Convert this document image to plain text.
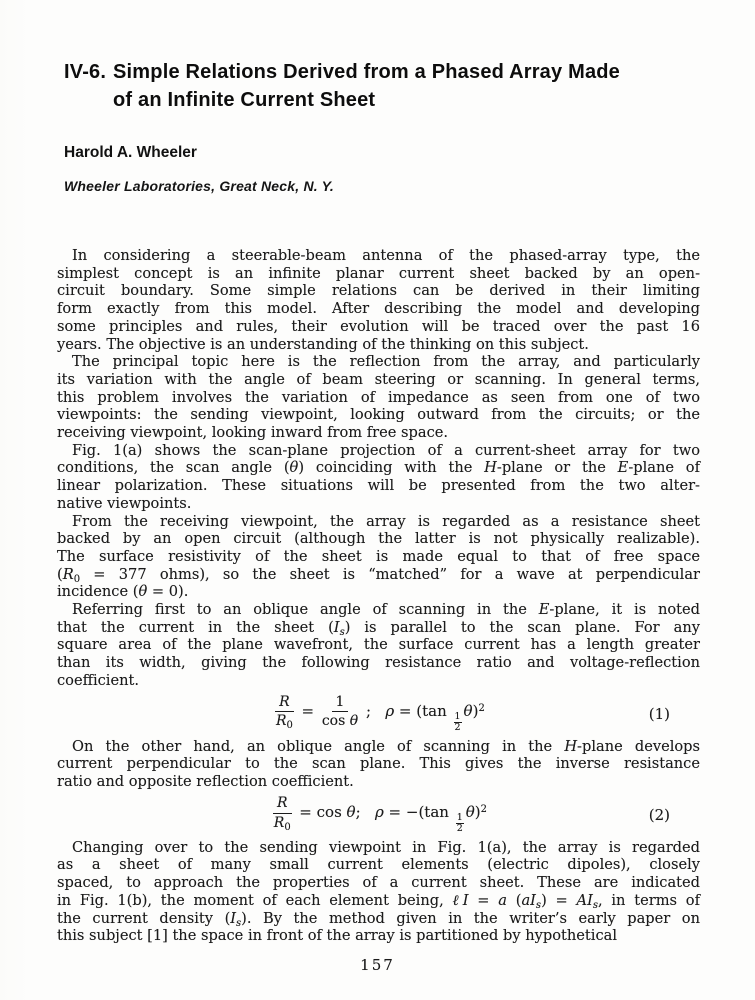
IV-6. Simple Relations Derived from a Phased Array Made
of an Infinite Current Sheet
Harold A. Wheeler
Wheeler Laboratories, Great Neck, N. Y.
In considering a steerable-beam antenna of the phased-array type, the
simplest concept is an infinite planar current sheet backed by an open-
circuit boundary. Some simple relations can be derived in their limiting
form exactly from this model. After describing the model and developing
some principles and rules, their evolution will be traced over the past 16
years. The objective is an understanding of the thinking on this subject.
The principal topic here is the reflection from the array, and particularly
its variation with the angle of beam steering or scanning. In general terms,
this problem involves the variation of impedance as seen from one of two
viewpoints: the sending viewpoint, looking outward from the circuits; or the
receiving viewpoint, looking inward from free space.
Fig. 1(a) shows the scan-plane projection of a current-sheet array for two
conditions, the scan angle (θ) coinciding with the H-plane or the E-plane of
linear polarization. These situations will be presented from the two alter-
native viewpoints.
From the receiving viewpoint, the array is regarded as a resistance sheet
backed by an open circuit (although the latter is not physically realizable).
The surface resistivity of the sheet is made equal to that of free space
($R_0 = 377$ ohms), so the sheet is “matched” for a wave at perpendicular
incidence (θ = 0).
Referring first to an oblique angle of scanning in the E-plane, it is noted
that the current in the sheet $(I_s)$ is parallel to the scan plane. For any
square area of the plane wavefront, the surface current has a length greater
than its width, giving the following resistance ratio and voltage-reflection
coefficient.
$\frac{R}{R_0} = \frac{1}{\text{cos θ}}$ ;   ρ = (tan
$\frac{1}{2}$
θ)$^2$	(1)
On the other hand, an oblique angle of scanning in the H-plane develops
current perpendicular to the scan plane. This gives the inverse resistance
ratio and opposite reflection coefficient.
$\frac{R}{R_0} = \cos \theta$;   ρ = −(tan
$\frac{1}{2}$
θ)$^2$	(2)
Changing over to the sending viewpoint in Fig. 1(a), the array is regarded
as a sheet of many small current elements (electric dipoles), closely
spaced, to approach the properties of a current sheet. These are indicated
in Fig. 1(b), the moment of each element being, ℓI = a $(aI_s) = AI_s$, in terms of
the current density $(I_s)$. By the method given in the writer’s early paper on
this subject [1] the space in front of the array is partitioned by hypothetical
157
